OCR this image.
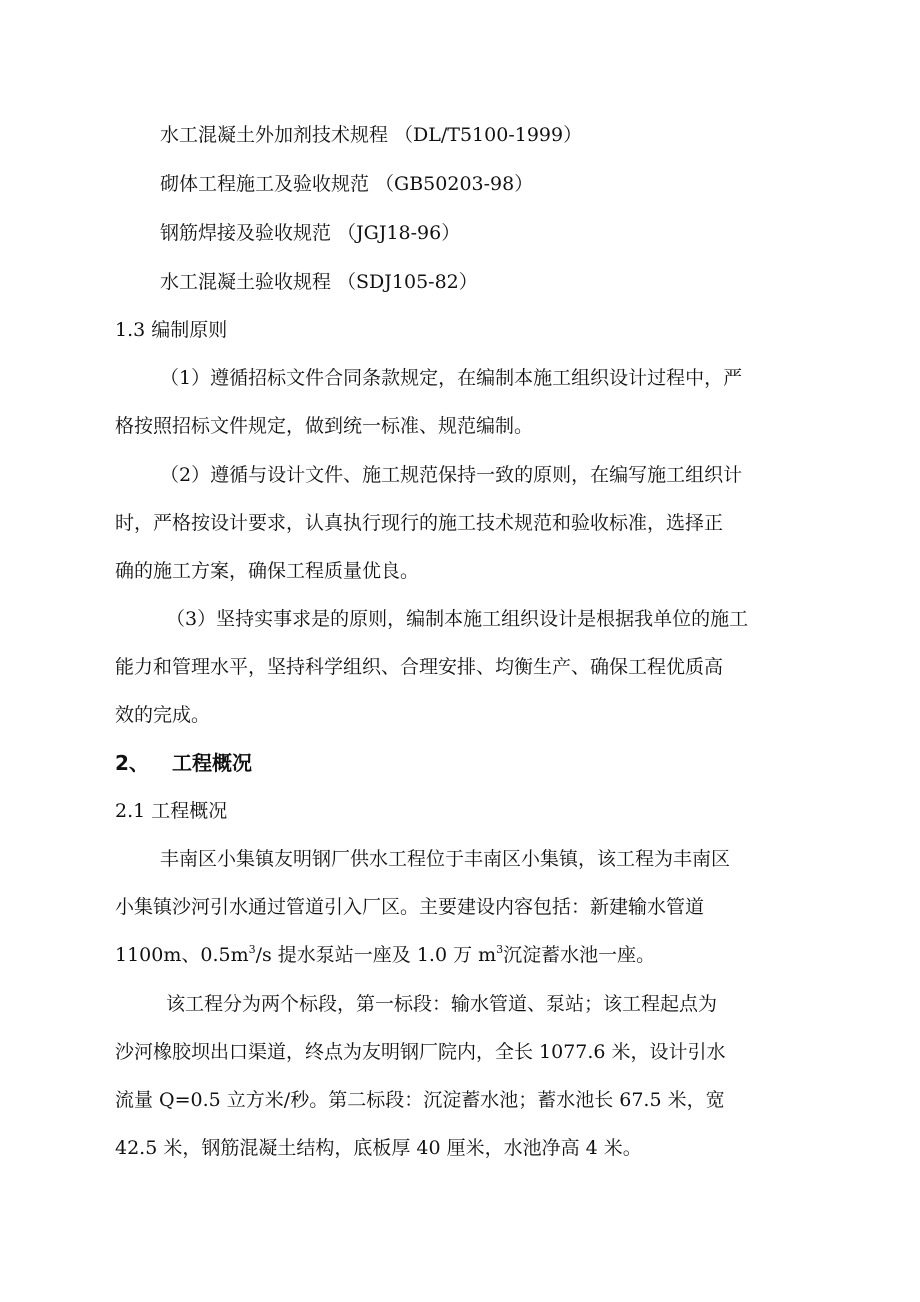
水工混凝土外加剂技术规程 （DL/T5100-1999）
砌体工程施工及验收规范 （GB50203-98）
钢筋焊接及验收规范 （JGJ18-96）
水工混凝土验收规程 （SDJ105-82）
1.3 编制原则
（1）遵循招标文件合同条款规定，在编制本施工组织设计过程中，严
格按照招标文件规定，做到统一标准、规范编制。
（2）遵循与设计文件、施工规范保持一致的原则，在编写施工组织计
时，严格按设计要求，认真执行现行的施工技术规范和验收标准，选择正
确的施工方案，确保工程质量优良。
（3）坚持实事求是的原则，编制本施工组织设计是根据我单位的施工
能力和管理水平，坚持科学组织、合理安排、均衡生产、确保工程优质高
效的完成。
2、 工程概况
2.1 工程概况
丰南区小集镇友明钢厂供水工程位于丰南区小集镇，该工程为丰南区
小集镇沙河引水通过管道引入厂区。主要建设内容包括：新建输水管道
1100m、$0.5m^3/s$ 提水泵站一座及 1.0 万 $m^3$沉淀蓄水池一座。
该工程分为两个标段，第一标段：输水管道、泵站；该工程起点为
沙河橡胶坝出口渠道，终点为友明钢厂院内，全长 1077.6 米，设计引水
流量 Q=0.5 立方米/秒。第二标段：沉淀蓄水池；蓄水池长 67.5 米，宽
42.5 米，钢筋混凝土结构，底板厚 40 厘米，水池净高 4 米。
